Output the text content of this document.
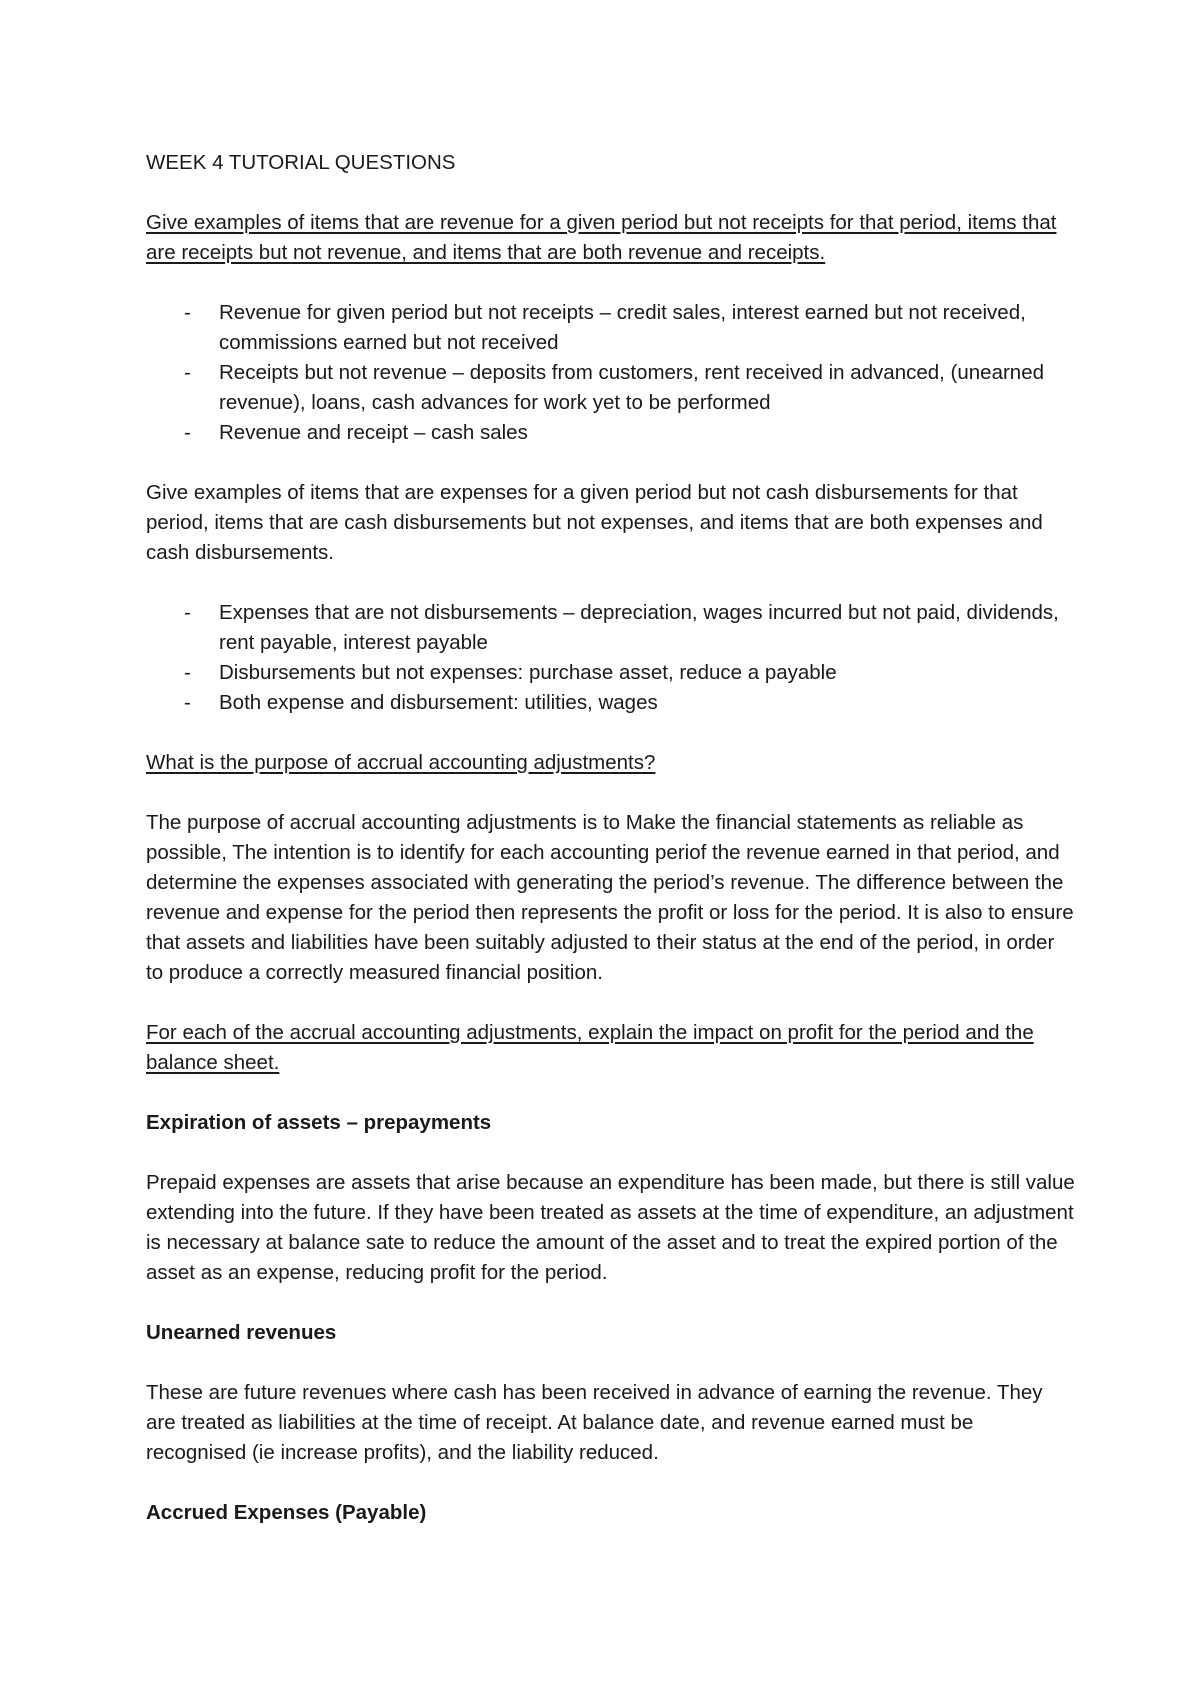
WEEK 4 TUTORIAL QUESTIONS

Give examples of items that are revenue for a given period but not receipts for that period, items that are receipts but not revenue, and items that are both revenue and receipts.

- Revenue for given period but not receipts – credit sales, interest earned but not received, commissions earned but not received
- Receipts but not revenue – deposits from customers, rent received in advanced, (unearned revenue), loans, cash advances for work yet to be performed
- Revenue and receipt – cash sales

Give examples of items that are expenses for a given period but not cash disbursements for that period, items that are cash disbursements but not expenses, and items that are both expenses and cash disbursements.

- Expenses that are not disbursements – depreciation, wages incurred but not paid, dividends, rent payable, interest payable
- Disbursements but not expenses: purchase asset, reduce a payable
- Both expense and disbursement: utilities, wages

What is the purpose of accrual accounting adjustments?

The purpose of accrual accounting adjustments is to Make the financial statements as reliable as possible, The intention is to identify for each accounting periof the revenue earned in that period, and determine the expenses associated with generating the period’s revenue. The difference between the revenue and expense for the period then represents the profit or loss for the period. It is also to ensure that assets and liabilities have been suitably adjusted to their status at the end of the period, in order to produce a correctly measured financial position.

For each of the accrual accounting adjustments, explain the impact on profit for the period and the balance sheet.

Expiration of assets – prepayments

Prepaid expenses are assets that arise because an expenditure has been made, but there is still value extending into the future. If they have been treated as assets at the time of expenditure, an adjustment is necessary at balance sate to reduce the amount of the asset and to treat the expired portion of the asset as an expense, reducing profit for the period.

Unearned revenues

These are future revenues where cash has been received in advance of earning the revenue. They are treated as liabilities at the time of receipt. At balance date, and revenue earned must be recognised (ie increase profits), and the liability reduced.

Accrued Expenses (Payable)
